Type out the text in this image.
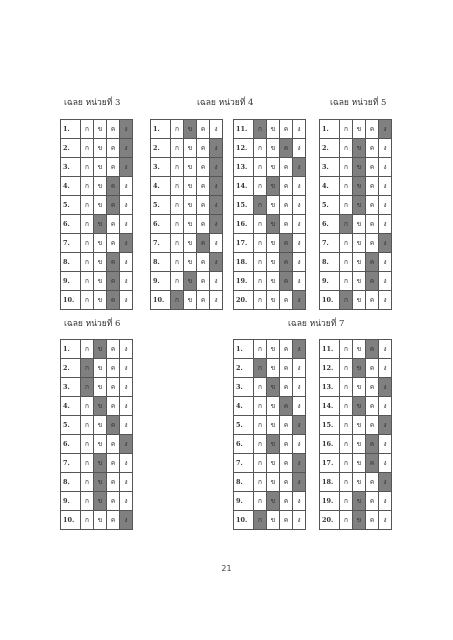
เฉลย หน่วยที่ 3	เฉลย หน่วยที่ 4	เฉลย หน่วยที่ 5
เฉลย หน่วยที่ 6	เฉลย หน่วยที่ 7
1.	ก	ข	ค	ง
2.	ก	ข	ค	ง
3.	ก	ข	ค	ง
4.	ก	ข	ค	ง
5.	ก	ข	ค	ง
6.	ก	ข	ค	ง
7.	ก	ข	ค	ง
8.	ก	ข	ค	ง
9.	ก	ข	ค	ง
10.	ก	ข	ค	ง
1.	ก	ข	ค	ง
2.	ก	ข	ค	ง
3.	ก	ข	ค	ง
4.	ก	ข	ค	ง
5.	ก	ข	ค	ง
6.	ก	ข	ค	ง
7.	ก	ข	ค	ง
8.	ก	ข	ค	ง
9.	ก	ข	ค	ง
10.	ก	ข	ค	ง
11.	ก	ข	ค	ง
12.	ก	ข	ค	ง
13.	ก	ข	ค	ง
14.	ก	ข	ค	ง
15.	ก	ข	ค	ง
16.	ก	ข	ค	ง
17.	ก	ข	ค	ง
18.	ก	ข	ค	ง
19.	ก	ข	ค	ง
20.	ก	ข	ค	ง
1.	ก	ข	ค	ง
2.	ก	ข	ค	ง
3.	ก	ข	ค	ง
4.	ก	ข	ค	ง
5.	ก	ข	ค	ง
6.	ก	ข	ค	ง
7.	ก	ข	ค	ง
8.	ก	ข	ค	ง
9.	ก	ข	ค	ง
10.	ก	ข	ค	ง
1.	ก	ข	ค	ง
2.	ก	ข	ค	ง
3.	ก	ข	ค	ง
4.	ก	ข	ค	ง
5.	ก	ข	ค	ง
6.	ก	ข	ค	ง
7.	ก	ข	ค	ง
8.	ก	ข	ค	ง
9.	ก	ข	ค	ง
10.	ก	ข	ค	ง
1.	ก	ข	ค	ง
2.	ก	ข	ค	ง
3.	ก	ข	ค	ง
4.	ก	ข	ค	ง
5.	ก	ข	ค	ง
6.	ก	ข	ค	ง
7.	ก	ข	ค	ง
8.	ก	ข	ค	ง
9.	ก	ข	ค	ง
10.	ก	ข	ค	ง
11.	ก	ข	ค	ง
12.	ก	ข	ค	ง
13.	ก	ข	ค	ง
14.	ก	ข	ค	ง
15.	ก	ข	ค	ง
16.	ก	ข	ค	ง
17.	ก	ข	ค	ง
18.	ก	ข	ค	ง
19.	ก	ข	ค	ง
20.	ก	ข	ค	ง
21
